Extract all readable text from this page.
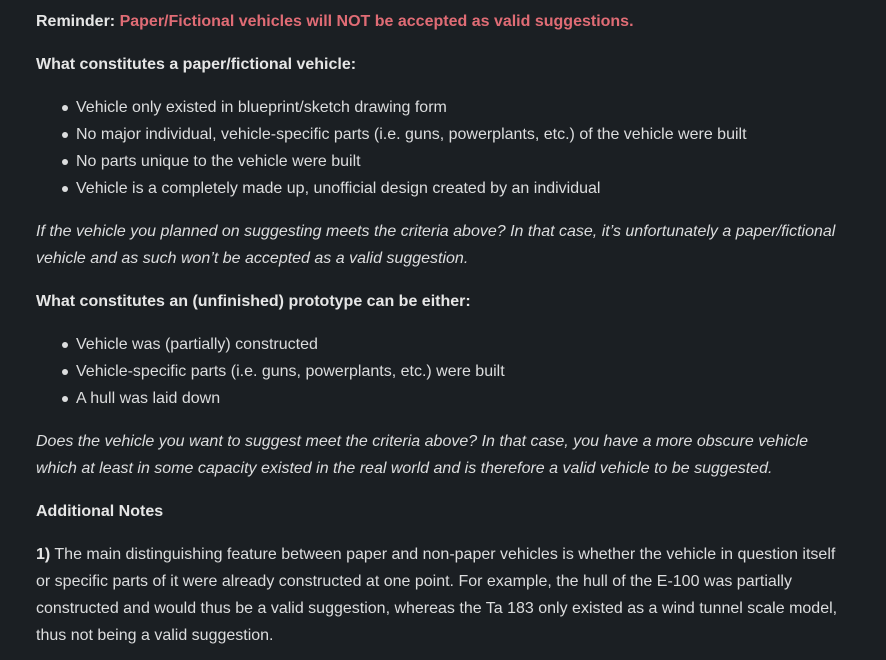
Reminder: Paper/Fictional vehicles will NOT be accepted as valid suggestions.

What constitutes a paper/fictional vehicle:

Vehicle only existed in blueprint/sketch drawing form
No major individual, vehicle-specific parts (i.e. guns, powerplants, etc.) of the vehicle were built
No parts unique to the vehicle were built
Vehicle is a completely made up, unofficial design created by an individual

If the vehicle you planned on suggesting meets the criteria above? In that case, it’s unfortunately a paper/fictional vehicle and as such won’t be accepted as a valid suggestion.

What constitutes an (unfinished) prototype can be either:

Vehicle was (partially) constructed
Vehicle-specific parts (i.e. guns, powerplants, etc.) were built
A hull was laid down

Does the vehicle you want to suggest meet the criteria above? In that case, you have a more obscure vehicle which at least in some capacity existed in the real world and is therefore a valid vehicle to be suggested.

Additional Notes

1) The main distinguishing feature between paper and non-paper vehicles is whether the vehicle in question itself or specific parts of it were already constructed at one point. For example, the hull of the E-100 was partially constructed and would thus be a valid suggestion, whereas the Ta 183 only existed as a wind tunnel scale model, thus not being a valid suggestion.
